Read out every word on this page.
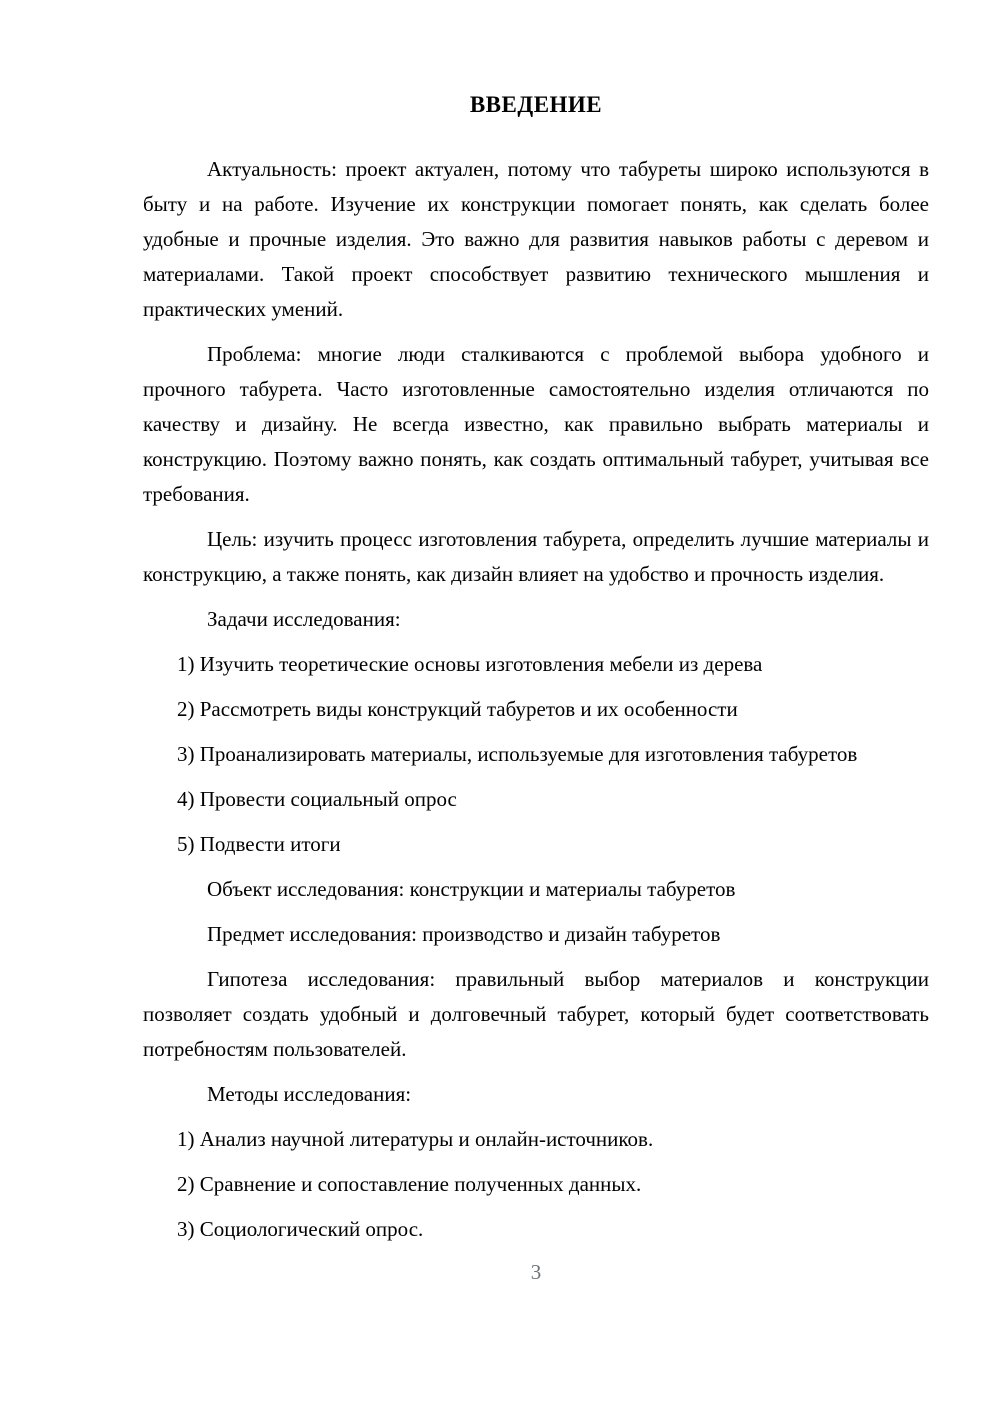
ВВЕДЕНИЕ

Актуальность: проект актуален, потому что табуреты широко используются в быту и на работе. Изучение их конструкции помогает понять, как сделать более удобные и прочные изделия. Это важно для развития навыков работы с деревом и материалами. Такой проект способствует развитию технического мышления и практических умений.

Проблема: многие люди сталкиваются с проблемой выбора удобного и прочного табурета. Часто изготовленные самостоятельно изделия отличаются по качеству и дизайну. Не всегда известно, как правильно выбрать материалы и конструкцию. Поэтому важно понять, как создать оптимальный табурет, учитывая все требования.

Цель: изучить процесс изготовления табурета, определить лучшие материалы и конструкцию, а также понять, как дизайн влияет на удобство и прочность изделия.

Задачи исследования:

1) Изучить теоретические основы изготовления мебели из дерева

2) Рассмотреть виды конструкций табуретов и их особенности

3) Проанализировать материалы, используемые для изготовления табуретов

4) Провести социальный опрос

5) Подвести итоги

Объект исследования: конструкции и материалы табуретов

Предмет исследования: производство и дизайн табуретов

Гипотеза исследования: правильный выбор материалов и конструкции позволяет создать удобный и долговечный табурет, который будет соответствовать потребностям пользователей.

Методы исследования:

1) Анализ научной литературы и онлайн-источников.

2) Сравнение и сопоставление полученных данных.

3) Социологический опрос.

3
